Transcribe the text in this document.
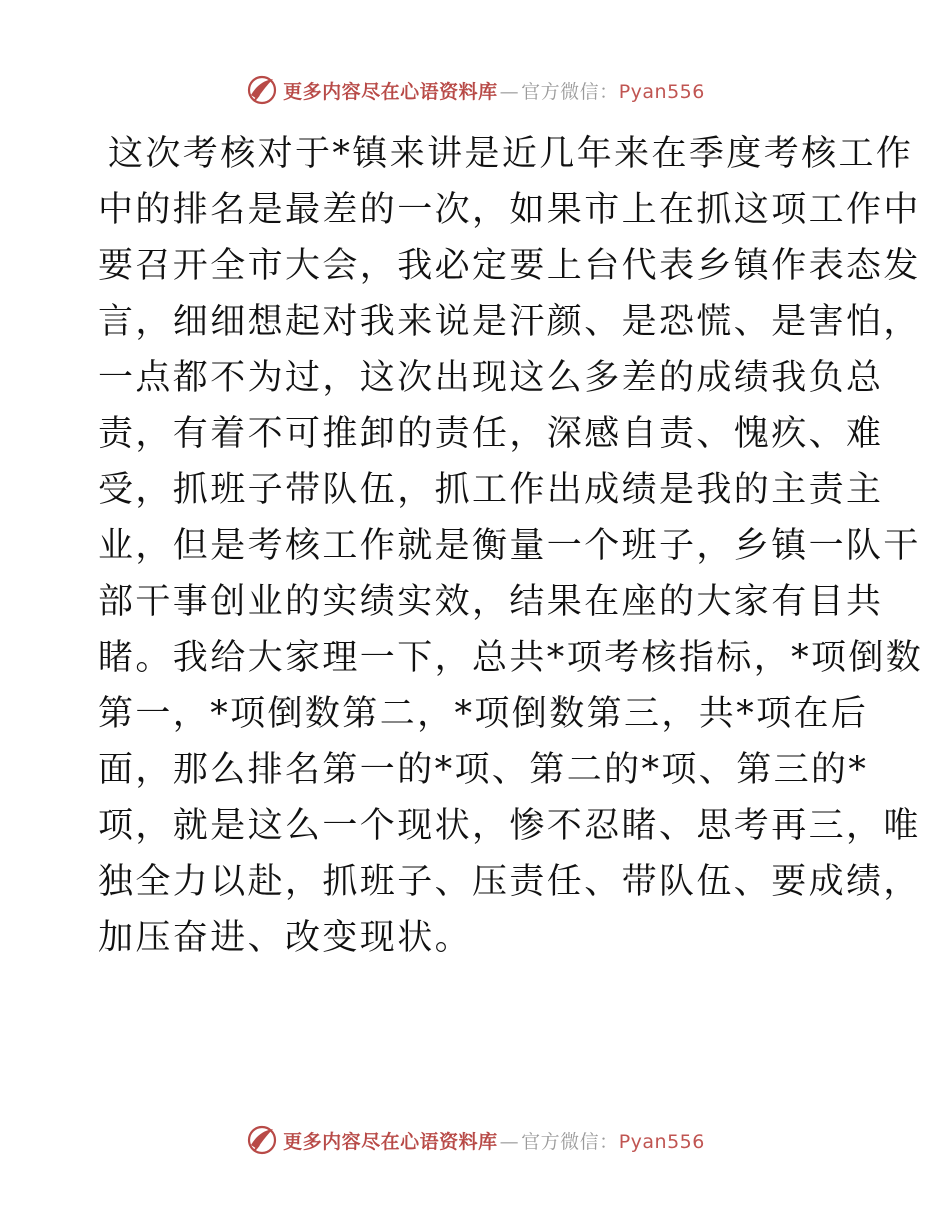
更多内容尽在心语资料库 — 官方微信：Pyan556
这次考核对于*镇来讲是近几年来在季度考核工作
中的排名是最差的一次，如果市上在抓这项工作中
要召开全市大会，我必定要上台代表乡镇作表态发
言，细细想起对我来说是汗颜、是恐慌、是害怕，
一点都不为过，这次出现这么多差的成绩我负总
责，有着不可推卸的责任，深感自责、愧疚、难
受，抓班子带队伍，抓工作出成绩是我的主责主
业，但是考核工作就是衡量一个班子，乡镇一队干
部干事创业的实绩实效，结果在座的大家有目共
睹。我给大家理一下，总共*项考核指标，*项倒数
第一，*项倒数第二，*项倒数第三，共*项在后
面，那么排名第一的*项、第二的*项、第三的*
项，就是这么一个现状，惨不忍睹、思考再三，唯
独全力以赴，抓班子、压责任、带队伍、要成绩，
加压奋进、改变现状。
更多内容尽在心语资料库 — 官方微信：Pyan556
